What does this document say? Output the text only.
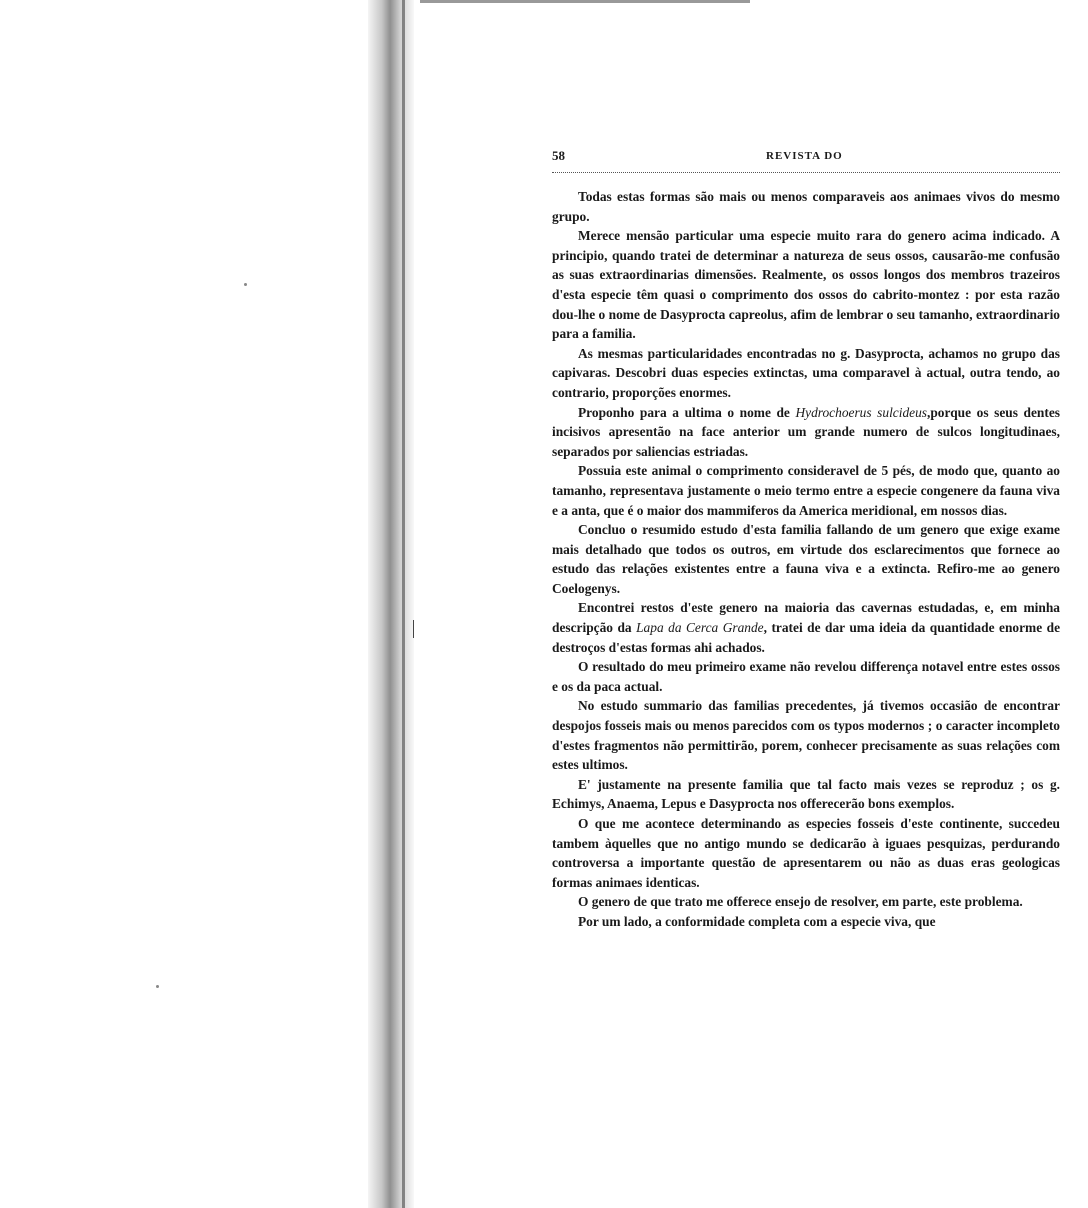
58	REVISTA DO

Todas estas formas são mais ou menos comparaveis aos animaes vivos do mesmo grupo.

Merece mensão particular uma especie muito rara do genero acima indicado. A principio, quando tratei de determinar a natureza de seus ossos, causarão-me confusão as suas extraordinarias dimensões. Realmente, os ossos longos dos membros trazeiros d'esta especie têm quasi o comprimento dos ossos do cabrito-montez : por esta razão dou-lhe o nome de Dasyprocta capreolus, afim de lembrar o seu tamanho, extraordinario para a familia.

As mesmas particularidades encontradas no g. Dasyprocta, achamos no grupo das capivaras. Descobri duas especies extinctas, uma comparavel à actual, outra tendo, ao contrario, proporções enormes.

Proponho para a ultima o nome de Hydrochoerus sulcideus,porque os seus dentes incisivos apresentão na face anterior um grande numero de sulcos longitudinaes, separados por saliencias estriadas.

Possuia este animal o comprimento consideravel de 5 pés, de modo que, quanto ao tamanho, representava justamente o meio termo entre a especie congenere da fauna viva e a anta, que é o maior dos mammiferos da America meridional, em nossos dias.

Concluo o resumido estudo d'esta familia fallando de um genero que exige exame mais detalhado que todos os outros, em virtude dos esclarecimentos que fornece ao estudo das relações existentes entre a fauna viva e a extincta. Refiro-me ao genero Coelogenys.

Encontrei restos d'este genero na maioria das cavernas estudadas, e, em minha descripção da Lapa da Cerca Grande, tratei de dar uma ideia da quantidade enorme de destroços d'estas formas ahi achados.

O resultado do meu primeiro exame não revelou differença notavel entre estes ossos e os da paca actual.

No estudo summario das familias precedentes, já tivemos occasião de encontrar despojos fosseis mais ou menos parecidos com os typos modernos ; o caracter incompleto d'estes fragmentos não permittirão, porem, conhecer precisamente as suas relações com estes ultimos.

E' justamente na presente familia que tal facto mais vezes se reproduz ; os g. Echimys, Anaema, Lepus e Dasyprocta nos offerecerão bons exemplos.

O que me acontece determinando as especies fosseis d'este continente, succedeu tambem àquelles que no antigo mundo se dedicarão à iguaes pesquizas, perdurando controversa a importante questão de apresentarem ou não as duas eras geologicas formas animaes identicas.

O genero de que trato me offerece ensejo de resolver, em parte, este problema.

Por um lado, a conformidade completa com a especie viva, que
